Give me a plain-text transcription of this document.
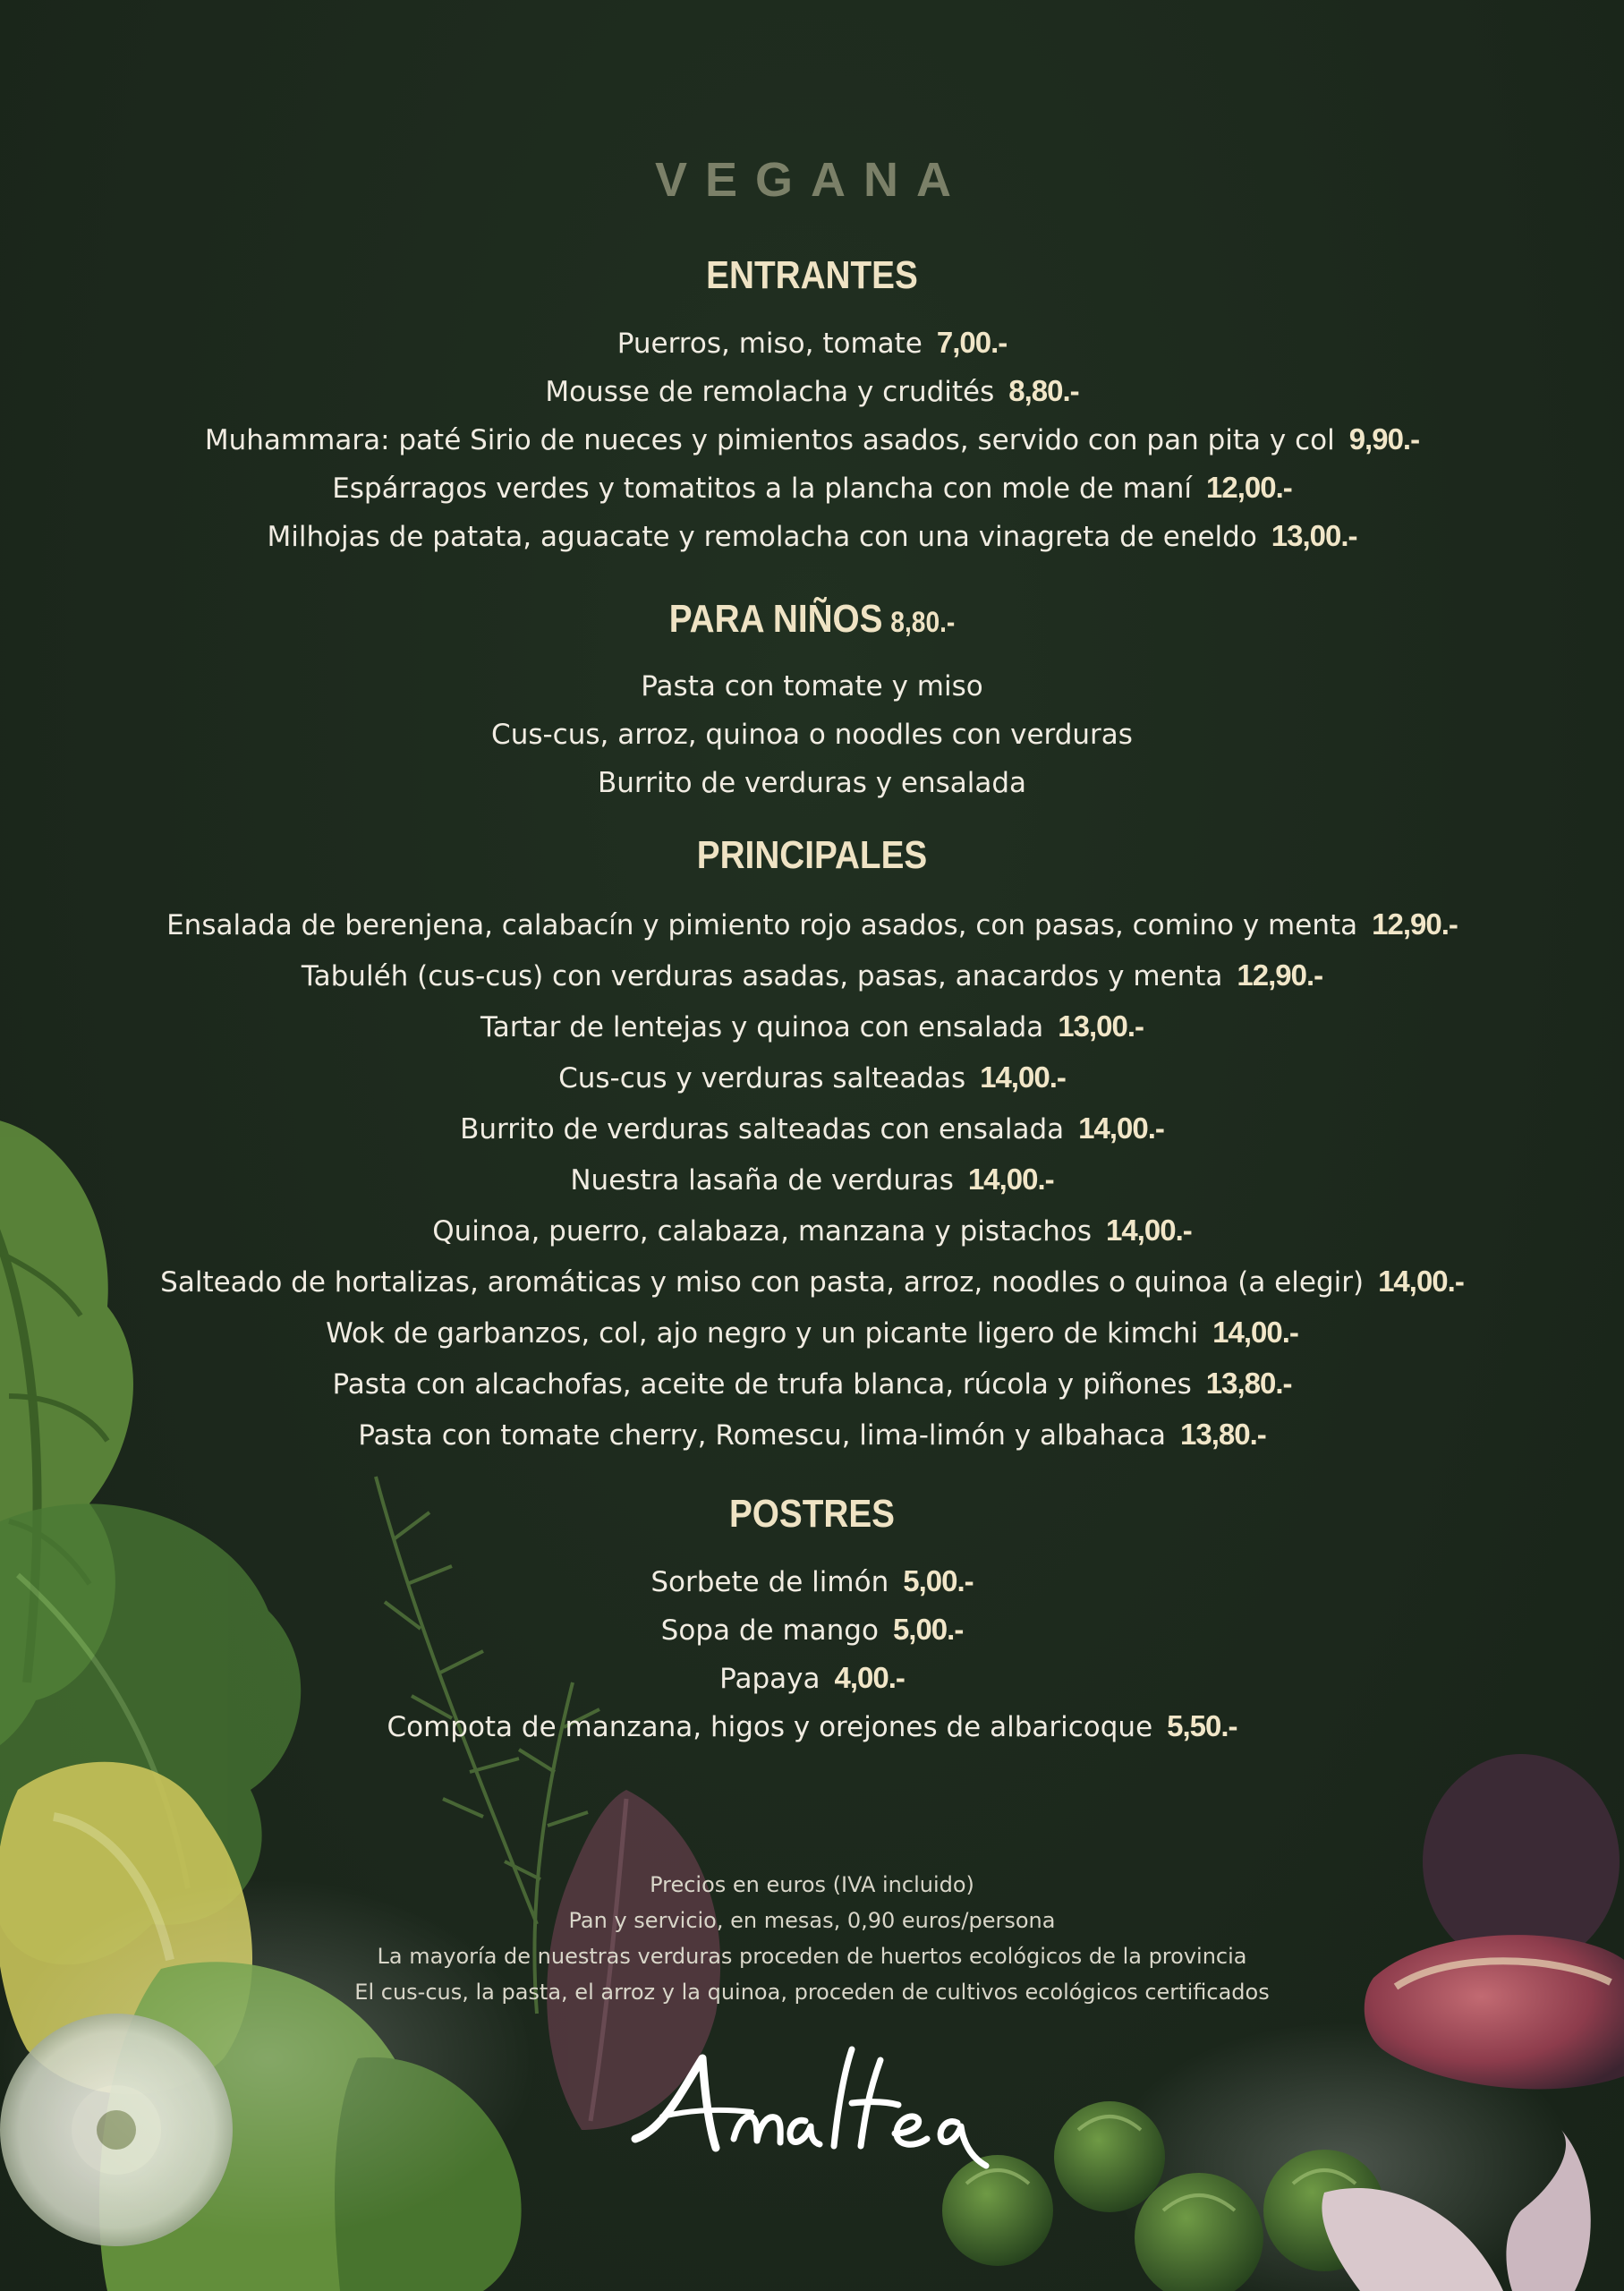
VEGANA
ENTRANTES
Puerros, miso, tomate 7,00.-
Mousse de remolacha y crudités 8,80.-
Muhammara: paté Sirio de nueces y pimientos asados, servido con pan pita y col 9,90.-
Espárragos verdes y tomatitos a la plancha con mole de maní 12,00.-
Milhojas de patata, aguacate y remolacha con una vinagreta de eneldo 13,00.-
PARA NIÑOS 8,80.-
Pasta con tomate y miso
Cus-cus, arroz, quinoa o noodles con verduras
Burrito de verduras y ensalada
PRINCIPALES
Ensalada de berenjena, calabacín y pimiento rojo asados, con pasas, comino y menta 12,90.-
Tabuléh (cus-cus) con verduras asadas, pasas, anacardos y menta 12,90.-
Tartar de lentejas y quinoa con ensalada 13,00.-
Cus-cus y verduras salteadas 14,00.-
Burrito de verduras salteadas con ensalada 14,00.-
Nuestra lasaña de verduras 14,00.-
Quinoa, puerro, calabaza, manzana y pistachos 14,00.-
Salteado de hortalizas, aromáticas y miso con pasta, arroz, noodles o quinoa (a elegir) 14,00.-
Wok de garbanzos, col, ajo negro y un picante ligero de kimchi 14,00.-
Pasta con alcachofas, aceite de trufa blanca, rúcola y piñones 13,80.-
Pasta con tomate cherry, Romescu, lima-limón y albahaca 13,80.-
POSTRES
Sorbete de limón 5,00.-
Sopa de mango 5,00.-
Papaya 4,00.-
Compota de manzana, higos y orejones de albaricoque 5,50.-
Precios en euros (IVA incluido)
Pan y servicio, en mesas, 0,90 euros/persona
La mayoría de nuestras verduras proceden de huertos ecológicos de la provincia
El cus-cus, la pasta, el arroz y la quinoa, proceden de cultivos ecológicos certificados
